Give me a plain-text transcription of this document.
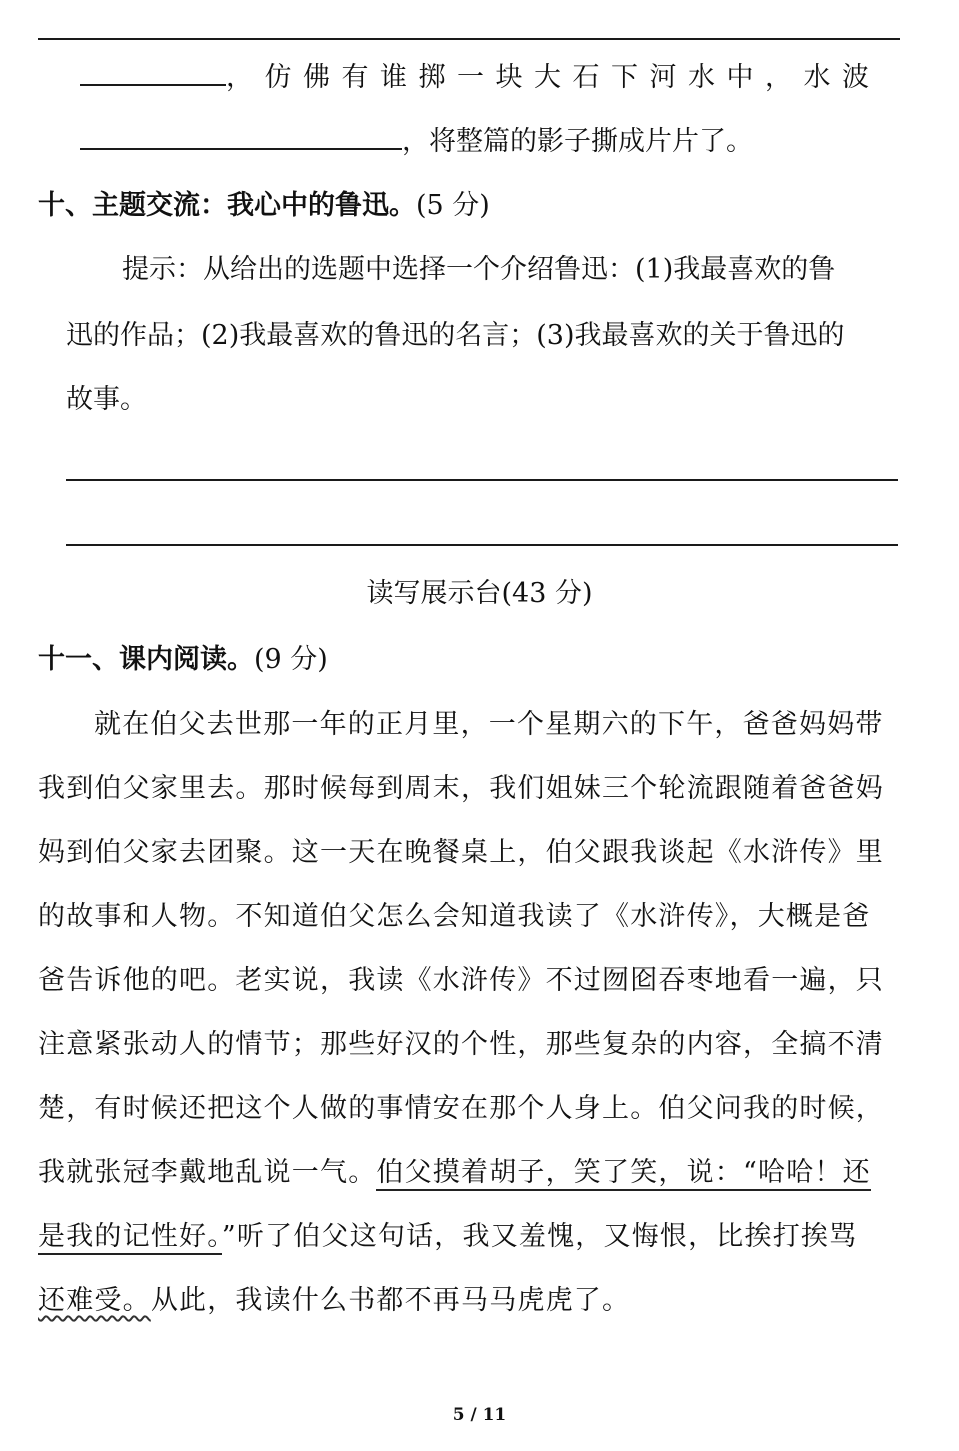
，仿佛有谁掷一块大石下河水中，水波
，将整篇的影子撕成片片了。
十、主题交流：我心中的鲁迅。(5 分)
提示：从给出的选题中选择一个介绍鲁迅：(1)我最喜欢的鲁
迅的作品；(2)我最喜欢的鲁迅的名言；(3)我最喜欢的关于鲁迅的
故事。
读写展示台(43 分)
十一、课内阅读。(9 分)
就在伯父去世那一年的正月里，一个星期六的下午，爸爸妈妈带
我到伯父家里去。那时候每到周末，我们姐妹三个轮流跟随着爸爸妈
妈到伯父家去团聚。这一天在晚餐桌上，伯父跟我谈起《水浒传》里
的故事和人物。不知道伯父怎么会知道我读了《水浒传》，大概是爸
爸告诉他的吧。老实说，我读《水浒传》不过囫囵吞枣地看一遍，只
注意紧张动人的情节；那些好汉的个性，那些复杂的内容，全搞不清
楚，有时候还把这个人做的事情安在那个人身上。伯父问我的时候，
我就张冠李戴地乱说一气。伯父摸着胡子，笑了笑，说：“哈哈！还
是我的记性好。”听了伯父这句话，我又羞愧，又悔恨，比挨打挨骂
还难受。从此，我读什么书都不再马马虎虎了。
5 / 11
